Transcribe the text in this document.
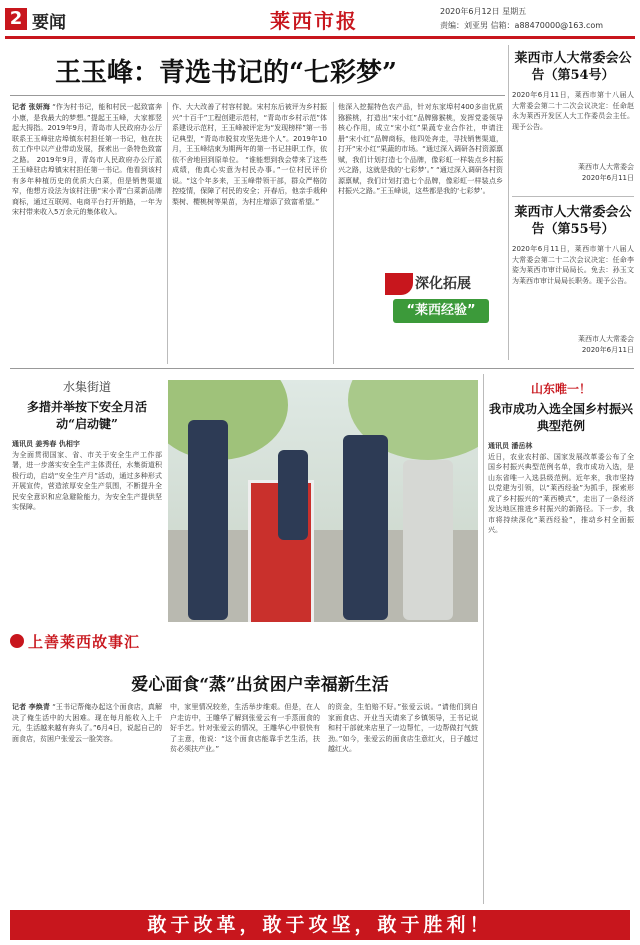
2 要闻	莱西市报	2020年6月12日 星期五
责编：刘亚男 信箱：a88470000@163.com
王玉峰：青选书记的“七彩梦”
记者 张妍海 “作为村书记，能和村民一起致富奔小康，是我最大的梦想。”提起王玉峰，大家都竖起大拇指。2019年9月，青岛市人民政府办公厅联系王玉峰驻店埠镇东村担任第一书记，他在扶贫工作中以产业带动发展，探索出一条特色致富之路。 2019年9月，青岛市人民政府办公厅派王玉峰驻店埠镇宋村担任第一书记。他看到该村有多年种植历史的优质大白菜，但是销售渠道窄，他想方设法为该村注册“宋小青”白菜新品牌商标，通过互联网、电商平台打开销路，一年为宋村带来收入5万余元的集体收入。
作、大大改善了村容村貌。宋村东后被评为乡村振兴“十百千”工程创建示范村，“青岛市乡村示范”体系建设示范村，王玉峰被评定为“发现榜样”第一书记典型，“青岛市脱贫攻坚先进个人”。2019年10月，王玉峰结束为期两年的第一书记挂职工作，依依不舍地回到原单位。 “谁能想到我会带来了这些成绩，他真心实意为村民办事。”一位村民评价说。“这个年多来，王玉峰带领干部，群众严格防控疫情，保障了村民的安全；开春后，他亲手栽种梨树、樱桃树等果苗，为村庄增添了致富希望。”
他深入挖掘特色农产品，针对东家埠村400多亩优质猕猴桃，打造出“宋小红”品牌猕猴桃，发挥党委领导核心作用，成立“宋小红”果蔬专业合作社，申请注册“宋小红”品牌商标，他四处奔走，寻找销售渠道，打开“宋小红”果蔬的市场。“通过深入调研各村资源禀赋，我们计划打造七个品牌，像彩虹一样装点乡村振兴之路，这就是我的‘七彩梦’。” “通过深入调研各村资源禀赋，我们计划打造七个品牌，像彩虹一样装点乡村振兴之路。”王玉峰说，这些都是我的‘七彩梦’。
深化拓展
“莱西经验”
莱西市人大常委会公告（第54号）
2020年6月11日，莱西市第十八届人大常委会第二十二次会议决定：任命赵永为莱西开发区人大工作委员会主任。现予公告。
莱西市人大常委会
2020年6月11日
莱西市人大常委会公告（第55号）
2020年6月11日，莱西市第十八届人大常委会第二十二次会议决定：任命李姿为莱西市审计局局长。免去：孙玉文为莱西市审计局局长职务。现予公告。
莱西市人大常委会
2020年6月11日
水集街道
多措并举按下安全月活动“启动键”
通讯员 姜秀春 仇相宇
为全面贯彻国家、省、市关于安全生产工作部署，进一步落实安全生产主体责任，水集街道积极行动，启动“安全生产月”活动，通过多种形式开展宣传，营造浓厚安全生产氛围，不断提升全民安全意识和应急避险能力，为安全生产提供坚实保障。
山东唯一！
我市成功入选全国乡村振兴典型范例
通讯员 潘岳林
近日，农业农村部、国家发展改革委公布了全国乡村振兴典型范例名单，我市成功入选，是山东省唯一入选县级范例。近年来，我市坚持以党建为引领，以“莱西经验”为抓手，探索形成了乡村振兴的“莱西模式”，走出了一条经济发达地区推进乡村振兴的新路径。下一步，我市将持续深化“莱西经验”，推动乡村全面振兴。
上善莱西故事汇
爱心面食“蒸”出贫困户幸福新生活
记者 李焕青 “王书记帮俺办起这个面食店，真解决了俺生活中的大困难。现在每月能收入上千元，生活越来越有奔头了。”6月4日，说起自己的面食店，贫困户张爱云一脸笑容。
中，家里情况较差，生活举步维艰。但是，在人户走访中，王雕华了解到张爱云有一手蒸面食的好手艺。针对张爱云的情况，王雕华心中很快有了主意，他说：“这个面食店能靠手艺生活，扶贫必须扶产业。”
的资金，生怕赔不好。”张爱云说。“请他们到自家面食店、开业当天请来了乡镇领导，王书记说和村干部就来店里了一边帮忙，一边帮做打气鼓劲。”如今，张爱云的面食店生意红火，日子越过越红火。
敢于改革，敢于攻坚，敢于胜利！
